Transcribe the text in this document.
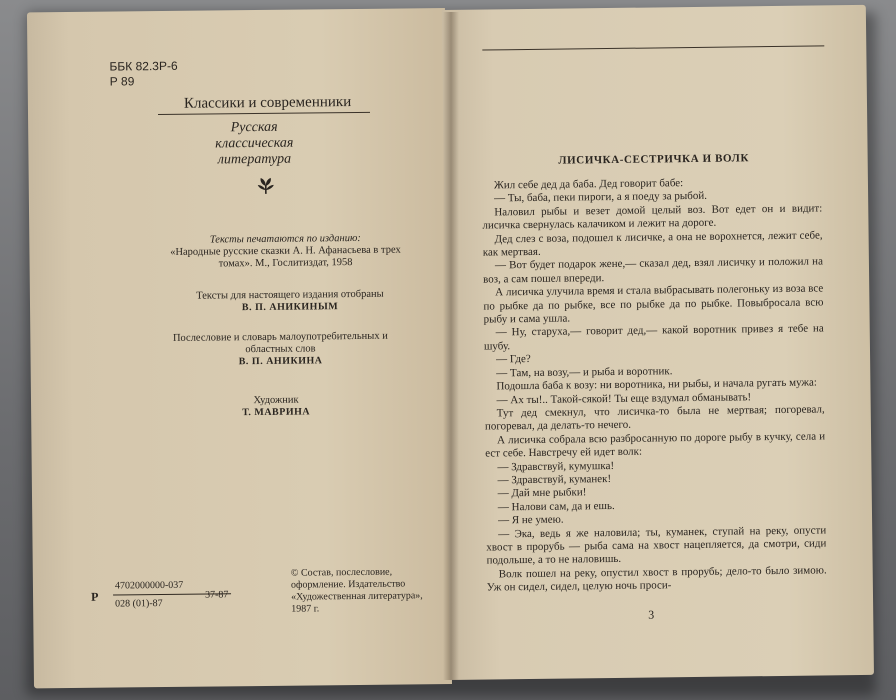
ББК 82.3Р-6
Р 89
Классики и современники
Русская классическая литература
Тексты печатаются по изданию:
«Народные русские сказки А. Н. Афанасьева в трех томах». М., Гослитиздат, 1958
Тексты для настоящего издания отобраны
В. П. АНИКИНЫМ
Послесловие и словарь малоупотребительных и областных слов
В. П. АНИКИНА
Художник
Т. МАВРИНА
Р
4702000000-037
028 (01)-87
37-87
© Состав, послесловие, оформление. Издательство «Художественная литература», 1987 г.
ЛИСИЧКА-СЕСТРИЧКА И ВОЛК

Жил себе дед да баба. Дед говорит бабе:

— Ты, баба, пеки пироги, а я поеду за рыбой.

Наловил рыбы и везет домой целый воз. Вот едет он и видит: лисичка свернулась калачиком и лежит на дороге.

Дед слез с воза, подошел к лисичке, а она не ворохнется, лежит себе, как мертвая.

— Вот будет подарок жене,— сказал дед, взял лисичку и положил на воз, а сам пошел впереди.

А лисичка улучила время и стала выбрасывать полегоньку из воза все по рыбке да по рыбке, все по рыбке да по рыбке. Повыбросала всю рыбу и сама ушла.

— Ну, старуха,— говорит дед,— какой воротник привез я тебе на шубу.

— Где?

— Там, на возу,— и рыба и воротник.

Подошла баба к возу: ни воротника, ни рыбы, и начала ругать мужа:

— Ах ты!.. Такой-сякой! Ты еще вздумал обманывать!

Тут дед смекнул, что лисичка-то была не мертвая; погоревал, погоревал, да делать-то нечего.

А лисичка собрала всю разбросанную по дороге рыбу в кучку, села и ест себе. Навстречу ей идет волк:

— Здравствуй, кумушка!

— Здравствуй, куманек!

— Дай мне рыбки!

— Налови сам, да и ешь.

— Я не умею.

— Эка, ведь я же наловила; ты, куманек, ступай на реку, опусти хвост в прорубь — рыба сама на хвост нацепляется, да смотри, сиди подольше, а то не наловишь.

Волк пошел на реку, опустил хвост в прорубь; дело-то было зимою. Уж он сидел, сидел, целую ночь проси-

3
